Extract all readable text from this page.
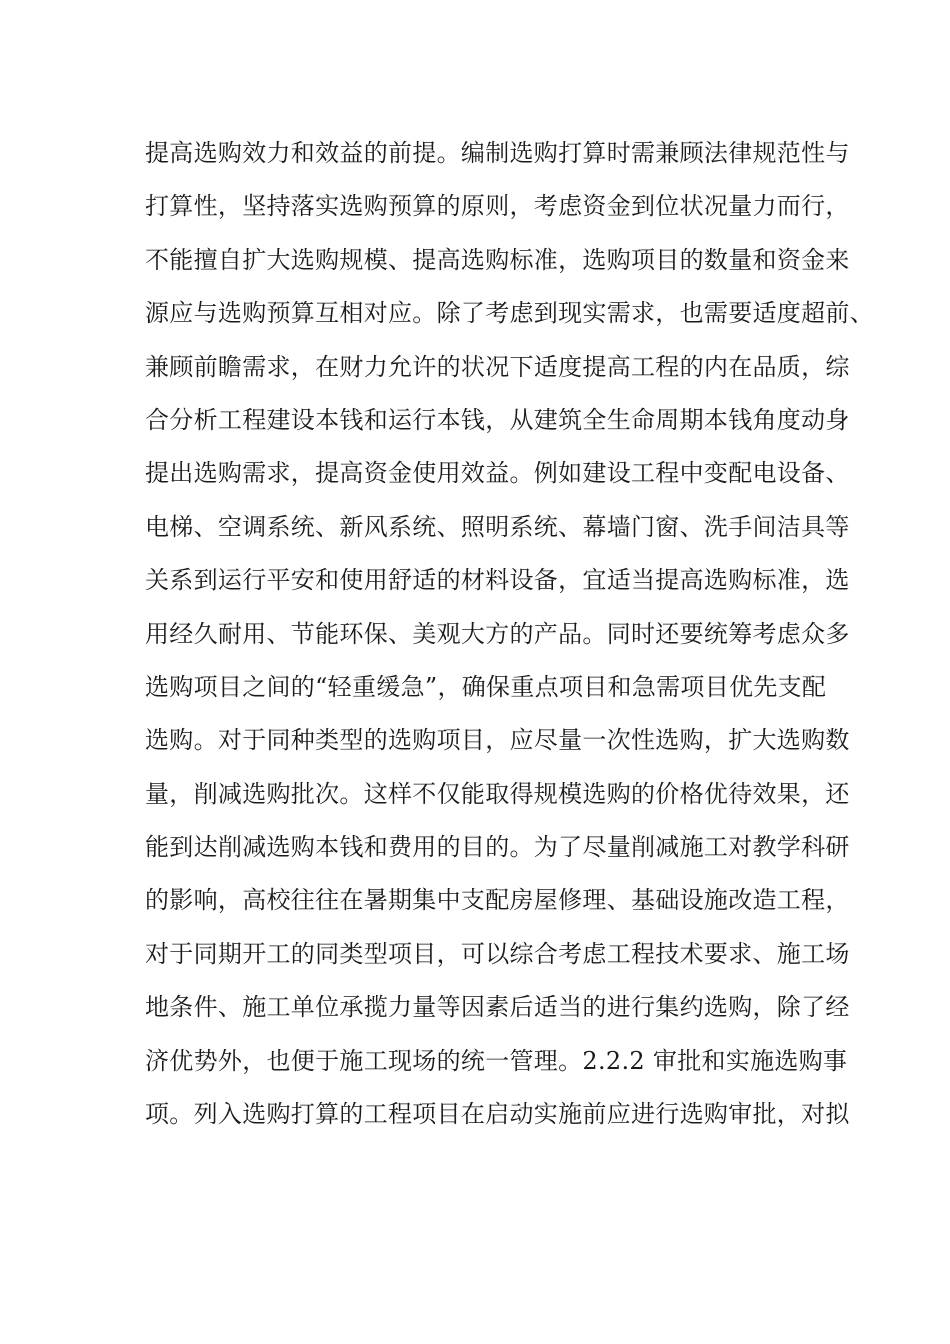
提高选购效力和效益的前提。编制选购打算时需兼顾法律规范性与
打算性，坚持落实选购预算的原则，考虑资金到位状况量力而行，
不能擅自扩大选购规模、提高选购标准，选购项目的数量和资金来
源应与选购预算互相对应。除了考虑到现实需求，也需要适度超前、
兼顾前瞻需求，在财力允许的状况下适度提高工程的内在品质，综
合分析工程建设本钱和运行本钱，从建筑全生命周期本钱角度动身
提出选购需求，提高资金使用效益。例如建设工程中变配电设备、
电梯、空调系统、新风系统、照明系统、幕墙门窗、洗手间洁具等
关系到运行平安和使用舒适的材料设备，宜适当提高选购标准，选
用经久耐用、节能环保、美观大方的产品。同时还要统筹考虑众多
选购项目之间的“轻重缓急”，确保重点项目和急需项目优先支配
选购。对于同种类型的选购项目，应尽量一次性选购，扩大选购数
量，削减选购批次。这样不仅能取得规模选购的价格优待效果，还
能到达削减选购本钱和费用的目的。为了尽量削减施工对教学科研
的影响，高校往往在暑期集中支配房屋修理、基础设施改造工程，
对于同期开工的同类型项目，可以综合考虑工程技术要求、施工场
地条件、施工单位承揽力量等因素后适当的进行集约选购，除了经
济优势外，也便于施工现场的统一管理。2.2.2 审批和实施选购事
项。列入选购打算的工程项目在启动实施前应进行选购审批，对拟
